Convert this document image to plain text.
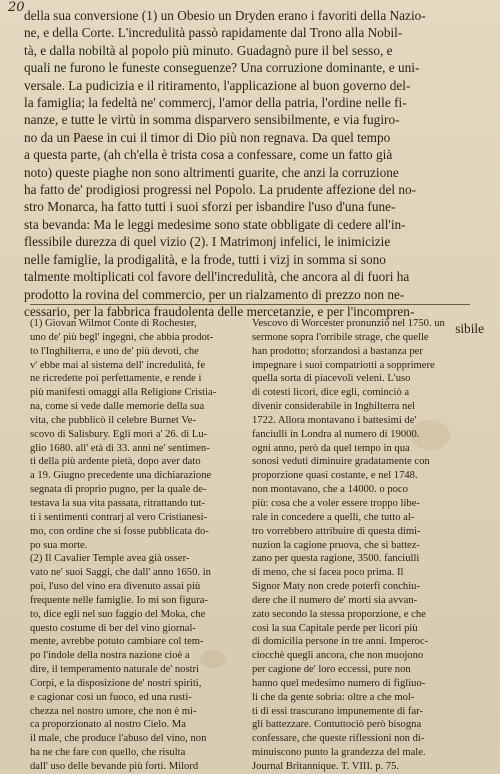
20
della sua conversione (1) un Obesio un Dryden erano i favoriti della Nazio-
ne, e della Corte. L'incredulità passò rapidamente dal Trono alla Nobil-
tà, e dalla nobiltà al popolo più minuto. Guadagnò pure il bel sesso, e
quali ne furono le funeste conseguenze? Una corruzione dominante, e uni-
versale. La pudicizia e il ritiramento, l'applicazione al buon governo del-
la famiglia; la fedeltà ne' commercj, l'amor della patria, l'ordine nelle fi-
nanze, e tutte le virtù in somma disparvero sensibilmente, e via fugiro-
no da un Paese in cui il timor di Dio più non regnava. Da quel tempo
a questa parte, (ah ch'ella è trista cosa a confessare, come un fatto già
noto) queste piaghe non sono altrimenti guarite, che anzi la corruzione
ha fatto de' prodigiosi progressi nel Popolo. La prudente affezione del no-
stro Monarca, ha fatto tutti i suoi sforzi per isbandire l'uso d'una fune-
sta bevanda: Ma le leggi medesime sono state obbligate di cedere all'in-
flessibile durezza di quel vizio (2). I Matrimonj infelici, le inimicizie
nelle famiglie, la prodigalità, e la frode, tutti i vizj in somma si sono
talmente moltiplicati col favore dell'incredulità, che ancora al di fuori ha
prodotto la rovina del commercio, per un rialzamento di prezzo non ne-
cessario, per la fabbrica fraudolenta delle mercetanzie, e per l'incompren-
sibile
(1) Giovan Wilmot Conte di Rochester,
uno de' più begl' ingegni, che abbia prodot-
to l'Inghilterra, e uno de' più devoti, che
v' ebbe mai al sistema dell' incredulità, fe
ne ricredette poi perfettamente, e rende i
più manifesti omaggi alla Religione Cristia-
na, come si vede dalle memorie della sua
vita, che pubblicò il celebre Burnet Ve-
scovo di Salisbury. Egli morì a' 26. di Lu-
glio 1680. all' età di 33. anni ne' sentimen-
ti della più ardente pietà, dopo aver dato
a 19. Giugno precedente una dichiarazione
segnata di proprio pugno, per la quale de-
testava la sua vita passata, ritrattando tut-
ti i sentimenti contrarj al vero Cristianesi-
mo, con ordine che si fosse pubblicata do-
po sua morte.
(2) Il Cavalier Temple avea già osser-
vato ne' suoi Saggi, che dall' anno 1650. in
poi, l'uso del vino era divenuto assai più
frequente nelle famiglie. Io mi son figura-
to, dice egli nel suo faggio del Moka, che
questo costume di ber del vino giornal-
mente, avrebbe potuto cambiare col tem-
po l'indole della nostra nazione cioè a
dire, il temperamento naturale de' nostri
Corpi, e la disposizione de' nostri spiriti,
e cagionar così un fuoco, ed una rusti-
chezza nel nostro umore, che non è mi-
ca proporzionato al nostro Cielo. Ma
il male, che produce l'abuso del vino, non
ha ne che fare con quello, che risulta
dall' uso delle bevande più forti. Milord
Vescovo di Worcester pronunziò nel 1750. un
sermone sopra l'orribile strage, che quelle
han prodotto; sforzandosi a bastanza per
impegnare i suoi compatriotti a sopprimere
quella sorta di piacevoli veleni. L'uso
di cotesti licori, dice egli, cominciò a
divenir considerabile in Inghilterra nel
1722. Allora montavano i battesimi de'
fanciulli in Londra al numero di 19000.
ogni anno, però da quel tempo in qua
sonosi veduti diminuire gradatamente con
proporzione quasi costante, e nel 1748.
non montavano, che a 14000. o poco
più: cosa che a voler essere troppo libe-
rale in concedere a quelli, che tutto al-
tro vorrebbero attribuire di questa dimi-
nuzion la cagione pruova, che si battez-
zano per questa ragione, 3500. fanciulli
di meno, che si facea poco prima. Il
Signor Maty non crede poterfi conchiu-
dere che il numero de' morti sia avvan-
zato secondo la stessa proporzione, e che
così la sua Capitale perde per licori più
di domicilia persone in tre anni. Imperoc-
ciocchè quegli ancora, che non muojono
per cagione de' loro eccessi, pure non
hanno quel medesimo numero di figliuo-
li che da gente sobria: oltre a che mol-
ti di essi trascurano impunemente di far-
gli battezzare. Contuttociò però bisogna
confessare, che queste riflessioni non di-
minuiscono punto la grandezza del male.
Journal Britannique. T. VIII. p. 75.
